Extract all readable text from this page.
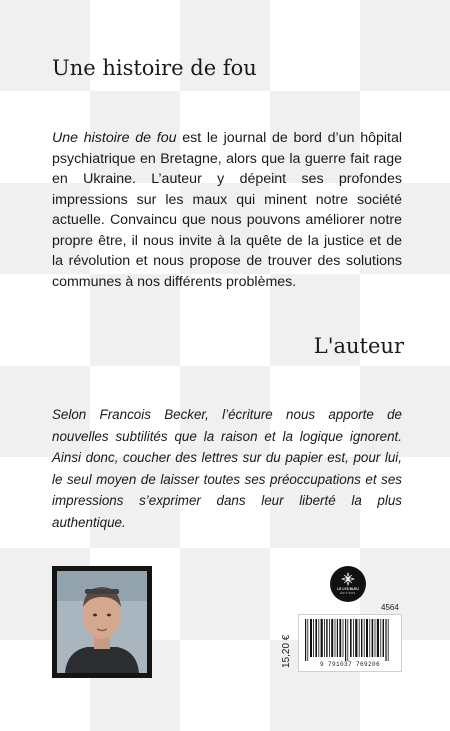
Une histoire de fou

Une histoire de fou est le journal de bord d’un hôpital psychiatrique en Bretagne, alors que la guerre fait rage en Ukraine. L’auteur y dépeint ses profondes impressions sur les maux qui minent notre société actuelle. Convaincu que nous pouvons améliorer notre propre être, il nous invite à la quête de la justice et de la révolution et nous propose de trouver des solutions communes à nos différents problèmes.

L'auteur

Selon Francois Becker, l’écriture nous apporte de nouvelles subtilités que la raison et la logique ignorent. Ainsi donc, coucher des lettres sur du papier est, pour lui, le seul moyen de laisser toutes ses préoccupations et ses impressions s’exprimer dans leur liberté la plus authentique.

LE LYS BLEU
ÉDITIONS
4564
15,20 €	9 791037 769206
